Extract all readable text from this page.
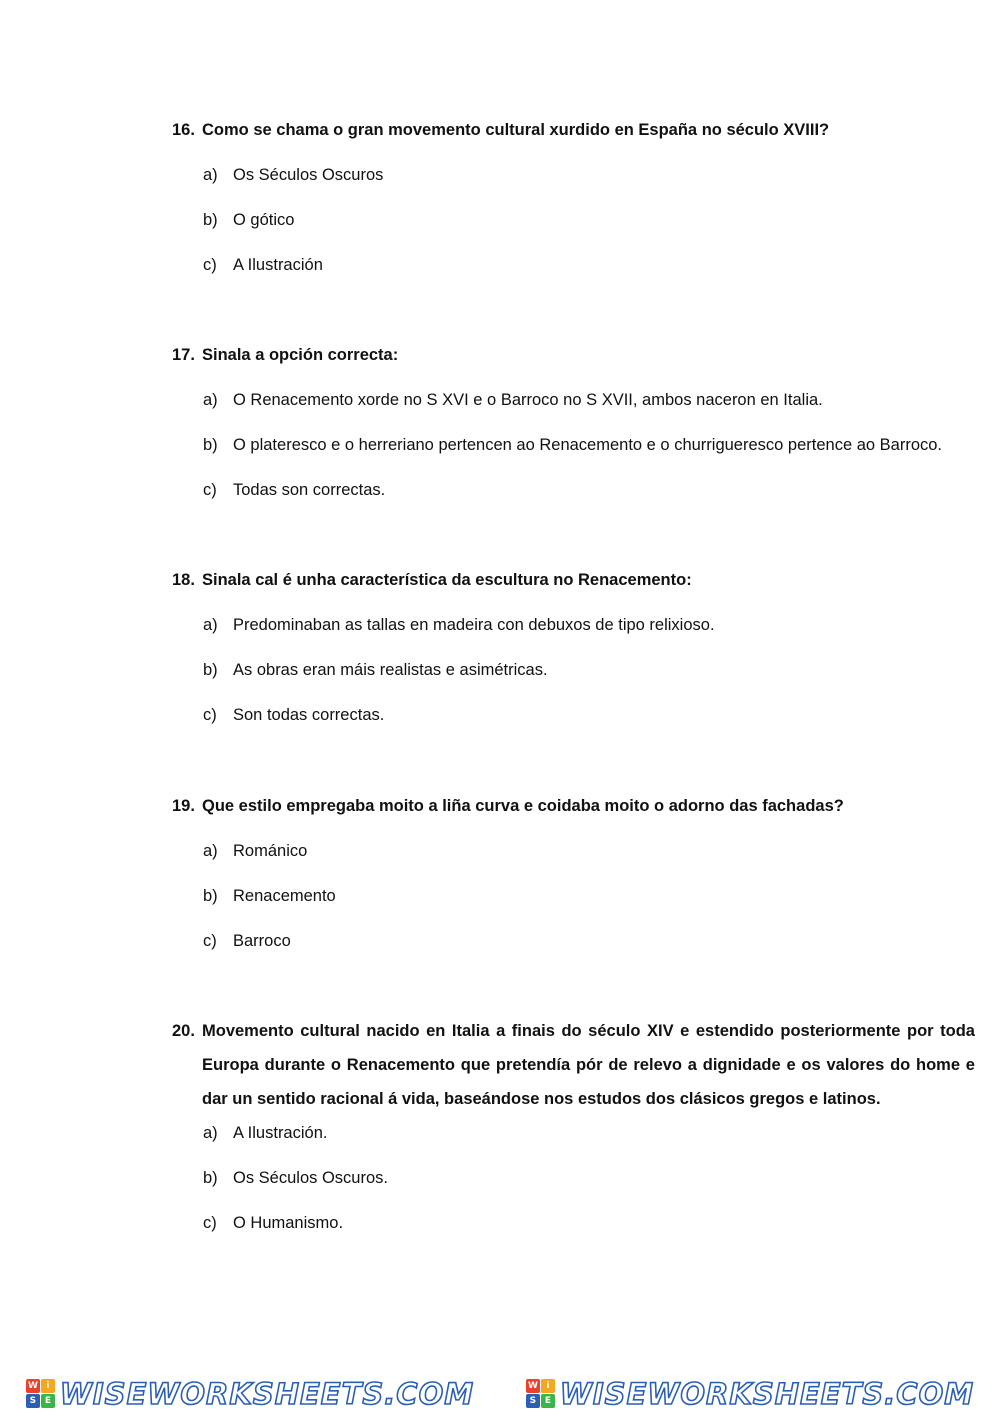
16. Como se chama o gran movemento cultural xurdido en España no século XVIII?
a) Os Séculos Oscuros
b) O gótico
c) A Ilustración
17. Sinala a opción correcta:
a) O Renacemento xorde no S XVI e o Barroco no S XVII, ambos naceron en Italia.
b) O plateresco e o herreriano pertencen ao Renacemento e o churrigueresco pertence ao Barroco.
c) Todas son correctas.
18. Sinala cal é unha característica da escultura no Renacemento:
a) Predominaban as tallas en madeira con debuxos de tipo relixioso.
b) As obras eran máis realistas e asimétricas.
c) Son todas correctas.
19. Que estilo empregaba moito a liña curva e coidaba moito o adorno das fachadas?
a) Románico
b) Renacemento
c) Barroco
20. Movemento cultural nacido en Italia a finais do século XIV e estendido posteriormente por toda Europa durante o Renacemento que pretendía pór de relevo a dignidade e os valores do home e dar un sentido racional á vida, baseándose nos estudos dos clásicos gregos e latinos.
a) A Ilustración.
b) Os Séculos Oscuros.
c) O Humanismo.
W i
S E WISEWORKSHEETS.COM	W i
S E WISEWORKSHEETS.COM
